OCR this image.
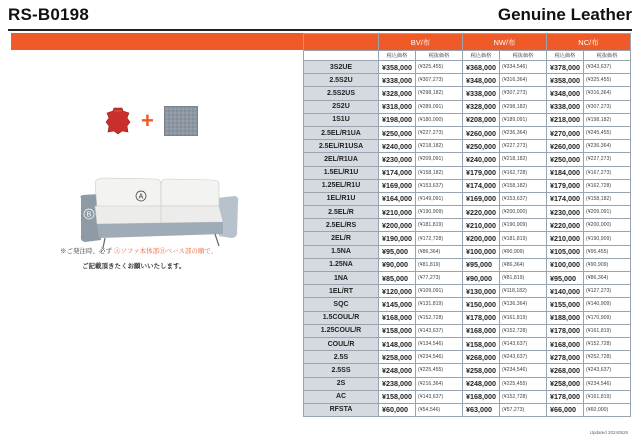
RS-B0198	Genuine Leather
+
A
B
※ご発注時、必ず Ⓐソファ本体部Ⓑベース部の順で、
ご記載頂きたくお願いいたします。
	BV/布		NW/布		NC/布	
	税込価格	税抜価格	税込価格	税抜価格	税込価格	税抜価格
3S2UE	¥358,000	(¥325,455)	¥368,000	(¥334,546)	¥378,000	(¥343,637)
2.5S2U	¥338,000	(¥307,273)	¥348,000	(¥316,364)	¥358,000	(¥325,455)
2.5S2US	¥328,000	(¥298,182)	¥338,000	(¥307,273)	¥348,000	(¥316,364)
2S2U	¥318,000	(¥289,091)	¥328,000	(¥298,182)	¥338,000	(¥307,273)
1S1U	¥198,000	(¥180,000)	¥208,000	(¥189,091)	¥218,000	(¥198,182)
2.5EL/R1UA	¥250,000	(¥227,273)	¥260,000	(¥236,364)	¥270,000	(¥245,455)
2.5EL/R1USA	¥240,000	(¥218,182)	¥250,000	(¥227,273)	¥260,000	(¥236,364)
2EL/R1UA	¥230,000	(¥209,091)	¥240,000	(¥218,182)	¥250,000	(¥227,273)
1.5EL/R1U	¥174,000	(¥158,182)	¥179,000	(¥162,728)	¥184,000	(¥167,273)
1.25EL/R1U	¥169,000	(¥153,637)	¥174,000	(¥158,182)	¥179,000	(¥162,728)
1EL/R1U	¥164,000	(¥149,091)	¥169,000	(¥153,637)	¥174,000	(¥158,182)
2.5EL/R	¥210,000	(¥190,909)	¥220,000	(¥200,000)	¥230,000	(¥209,091)
2.5EL/RS	¥200,000	(¥181,819)	¥210,000	(¥190,909)	¥220,000	(¥200,000)
2EL/R	¥190,000	(¥172,728)	¥200,000	(¥181,819)	¥210,000	(¥190,909)
1.5NA	¥95,000	(¥86,364)	¥100,000	(¥90,909)	¥105,000	(¥95,455)
1.25NA	¥90,000	(¥81,819)	¥95,000	(¥86,364)	¥100,000	(¥90,909)
1NA	¥85,000	(¥77,273)	¥90,000	(¥81,819)	¥95,000	(¥86,364)
1EL/RT	¥120,000	(¥109,091)	¥130,000	(¥118,182)	¥140,000	(¥127,273)
SQC	¥145,000	(¥131,819)	¥150,000	(¥136,364)	¥155,000	(¥140,909)
1.5COUL/R	¥168,000	(¥152,728)	¥178,000	(¥161,819)	¥188,000	(¥170,909)
1.25COUL/R	¥158,000	(¥143,637)	¥168,000	(¥152,728)	¥178,000	(¥161,819)
COUL/R	¥148,000	(¥134,546)	¥158,000	(¥143,637)	¥168,000	(¥152,728)
2.5S	¥258,000	(¥234,546)	¥268,000	(¥243,637)	¥278,000	(¥252,728)
2.5SS	¥248,000	(¥225,455)	¥258,000	(¥234,546)	¥268,000	(¥243,637)
2S	¥238,000	(¥216,364)	¥248,000	(¥225,455)	¥258,000	(¥234,546)
AC	¥158,000	(¥143,637)	¥168,000	(¥152,728)	¥178,000	(¥161,819)
RFSTA	¥60,000	(¥54,546)	¥63,000	(¥57,273)	¥66,000	(¥60,000)
Updated 20240526
